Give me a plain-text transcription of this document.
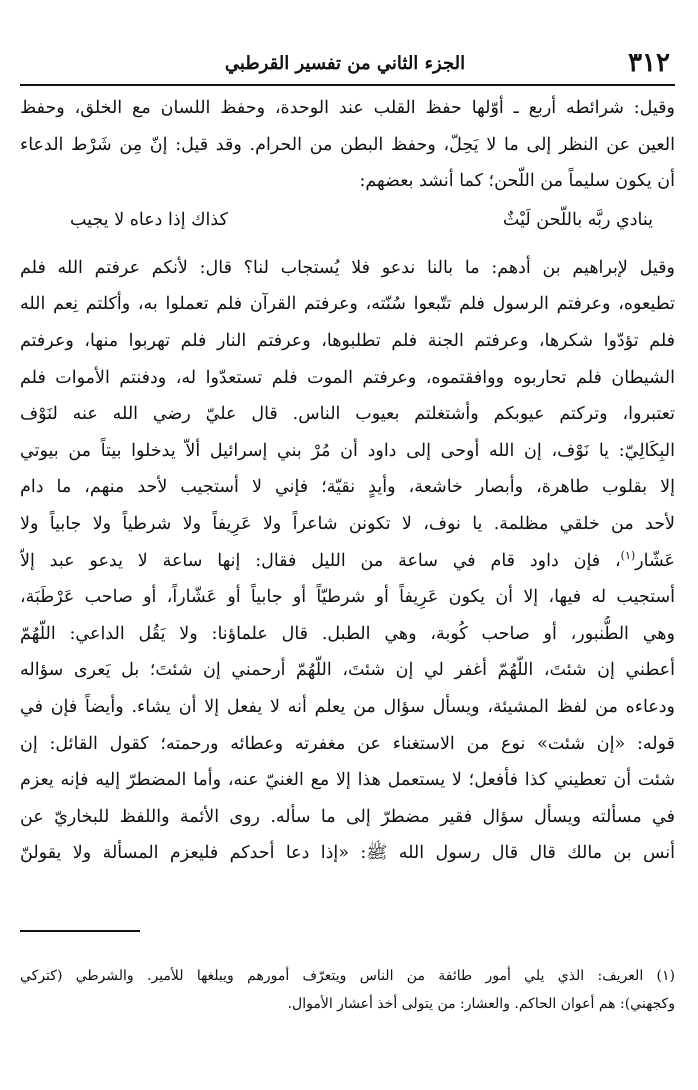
٣١٢
الجزء الثاني من تفسير القرطبي
وقيل: شرائطه أربع ـ أوّلها حفظ القلب عند الوحدة، وحفظ اللسان مع الخلق، وحفظ
العين عن النظر إلى ما لا يَحِلّ، وحفظ البطن من الحرام. وقد قيل: إنّ مِن شَرْط الدعاء
أن يكون سليماً من اللّحن؛ كما أنشد بعضهم:
ينادي ربَّه باللّحن لَيْثٌ
كذاك إذا دعاه لا يجيب
وقيل لإبراهيم بن أدهم: ما بالنا ندعو فلا يُستجاب لنا؟ قال: لأنكم عرفتم الله فلم
تطيعوه، وعرفتم الرسول فلم تتّبعوا سُنّته، وعرفتم القرآن فلم تعملوا به، وأكلتم نِعم الله
فلم تؤدّوا شكرها، وعرفتم الجنة فلم تطلبوها، وعرفتم النار فلم تهربوا منها، وعرفتم
الشيطان فلم تحاربوه ووافقتموه، وعرفتم الموت فلم تستعدّوا له، ودفنتم الأموات فلم
تعتبروا، وتركتم عيوبكم وأشتغلتم بعيوب الناس. قال عليّ رضي الله عنه لنَوْف
البِكَالِيّ: يا نَوْف، إن الله أوحى إلى داود أن مُرْ بني إسرائيل ألاّ يدخلوا بيتاً من بيوتي
إلا بقلوب طاهرة، وأبصار خاشعة، وأيدٍ نقيّة؛ فإني لا أستجيب لأحد منهم، ما دام
لأحد من خلقي مظلمة. يا نوف، لا تكونن شاعراً ولا عَرِيفاً ولا شرطياً ولا جابياً ولا
عَشّار$^{(١)}$، فإن داود قام في ساعة من الليل فقال: إنها ساعة لا يدعو عبد إلاّ
أستجيب له فيها، إلا أن يكون عَرِيفاً أو شرطيّاً أو جابياً أو عَشّاراً، أو صاحب عَرْطَبَة،
وهي الطُّنبور، أو صاحب كُوبة، وهي الطبل. قال علماؤنا: ولا يَقُل الداعي: اللّهُمّ
أعطني إن شئتَ، اللّهُمّ أغفر لي إن شئتَ، اللّهُمّ أرحمني إن شئتَ؛ بل يَعرى سؤاله
ودعاءه من لفظ المشيئة، ويسأل سؤال من يعلم أنه لا يفعل إلا أن يشاء. وأيضاً فإن في
قوله: «إن شئت» نوع من الاستغناء عن مغفرته وعطائه ورحمته؛ كقول القائل: إن
شئت أن تعطيني كذا فأفعل؛ لا يستعمل هذا إلا مع الغنيّ عنه، وأما المضطرّ إليه فإنه يعزم
في مسألته ويسأل سؤال فقير مضطرّ إلى ما سأله. روى الأئمة واللفظ للبخاريّ عن
أنس بن مالك قال قال رسول الله ﷺ: «إذا دعا أحدكم فليعزم المسألة ولا يقولنّ
(١) العريف: الذي يلي أمور طائفة من الناس ويتعرّف أمورهم ويبلغها للأمير. والشرطي (كتركي
وكجهني): هم أعوان الحاكم. والعشار: من يتولى أخذ أعشار الأموال.
